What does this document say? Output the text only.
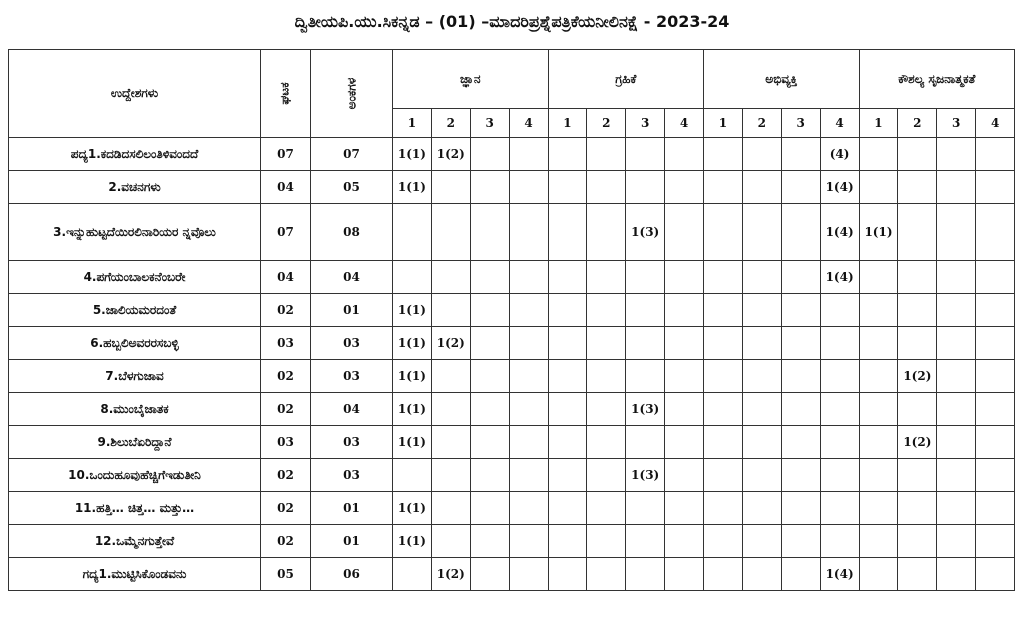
ದ್ವಿತೀಯಪಿ.ಯು.ಸಿಕನ್ನಡ – (01) –ಮಾದರಿಪ್ರಶ್ನೆಪತ್ರಿಕೆಯನೀಲಿನಕ್ಷೆ - 2023-24
ಉದ್ದೇಶಗಳು	ಘಟಕ	ಅಂಕಗಳ	ಜ್ಞಾನ				ಗ್ರಹಿಕೆ				ಅಭಿವ್ಯಕ್ತಿ				ಕೌಶಲ್ಯ ಸೃಜನಾತ್ಮಕತೆ			
			1	2	3	4	1	2	3	4	1	2	3	4	1	2	3	4
ಪದ್ಯ1.ಕದಡಿದಸಲಿಲಂತಿಳಿವಂದದೆ	07	07	1(1)	1(2)										(4)				
2.ವಚನಗಳು	04	05	1(1)											1(4)				
3.ಇನ್ನುಹುಟ್ಟದೆಯಿರಲಿನಾರಿಯರ ನ್ನವೊಲು	07	08							1(3)					1(4)	1(1)			
4.ಪಗೆಯಂಬಾಲಕನೆಂಬರೇ	04	04												1(4)				
5.ಜಾಲಿಯಮರದಂತೆ	02	01	1(1)															
6.ಹಬ್ಬಲಿಅವರರಸಬಳ್ಳಿ	03	03	1(1)	1(2)														
7.ಬೆಳಗುಜಾವ	02	03	1(1)													1(2)		
8.ಮುಂಬೈಜಾತಕ	02	04	1(1)						1(3)									
9.ಶಿಲುಬೆಏರಿದ್ದಾನೆ	03	03	1(1)													1(2)		
10.ಒಂದುಹೂವುಹೆಚ್ಚಿಗೆಇಡುತೀನಿ	02	03							1(3)									
11.ಹತ್ತಿ… ಚಿತ್ತ… ಮತ್ತು…	02	01	1(1)															
12.ಒಮ್ಮೆನಗುತ್ತೇವೆ	02	01	1(1)															
ಗದ್ಯ1.ಮುಟ್ಟಿಸಿಕೊಂಡವನು	05	06		1(2)										1(4)				
